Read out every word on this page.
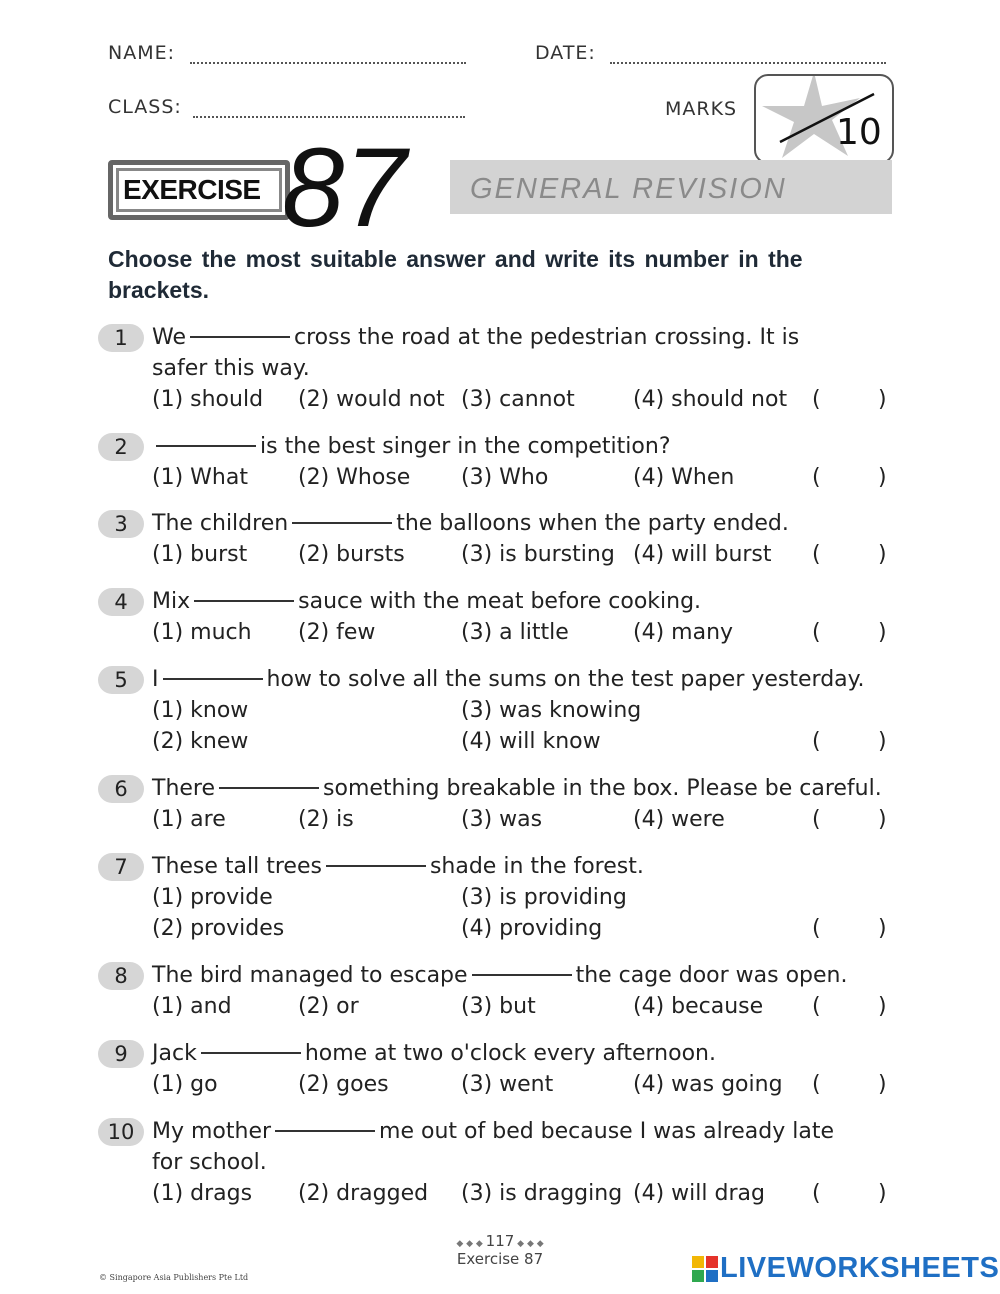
NAME:	DATE:
CLASS:	MARKS
10
EXERCISE 87 GENERAL REVISION
Choose the most suitable answer and write its number in the brackets.
1	We	cross the road at the pedestrian crossing. It is
safer this way.
(1) should (2) would not (3) cannot	(4) should not (	)
2	is the best singer in the competition?
(1) What (2) Whose (3) Who	(4) When	(	)
3	The children	the balloons when the party ended.
(1) burst (2) bursts	(3) is bursting (4) will burst (	)
4	Mix	sauce with the meat before cooking.
(1) much (2) few	(3) a little	(4) many	(	)
5	I	how to solve all the sums on the test paper yesterday.
(1) know	(3) was knowing
(2) knew	(4) will know	(	)
6	There	something breakable in the box. Please be careful.
(1) are	(2) is	(3) was	(4) were	(	)
7	These tall trees	shade in the forest.
(1) provide	(3) is providing
(2) provides	(4) providing	(	)
8	The bird managed to escape	the cage door was open.
(1) and	(2) or	(3) but	(4) because (	)
9	Jack	home at two o'clock every afternoon.
(1) go	(2) goes	(3) went	(4) was going (	)
10 My mother	me out of bed because I was already late
for school.
(1) drags (2) dragged (3) is dragging (4) will drag (	)
◆ ◆ ◆ 117 ◆ ◆ ◆
Exercise 87
© Singapore Asia Publishers Pte Ltd	LIVEWORKSHEETS
